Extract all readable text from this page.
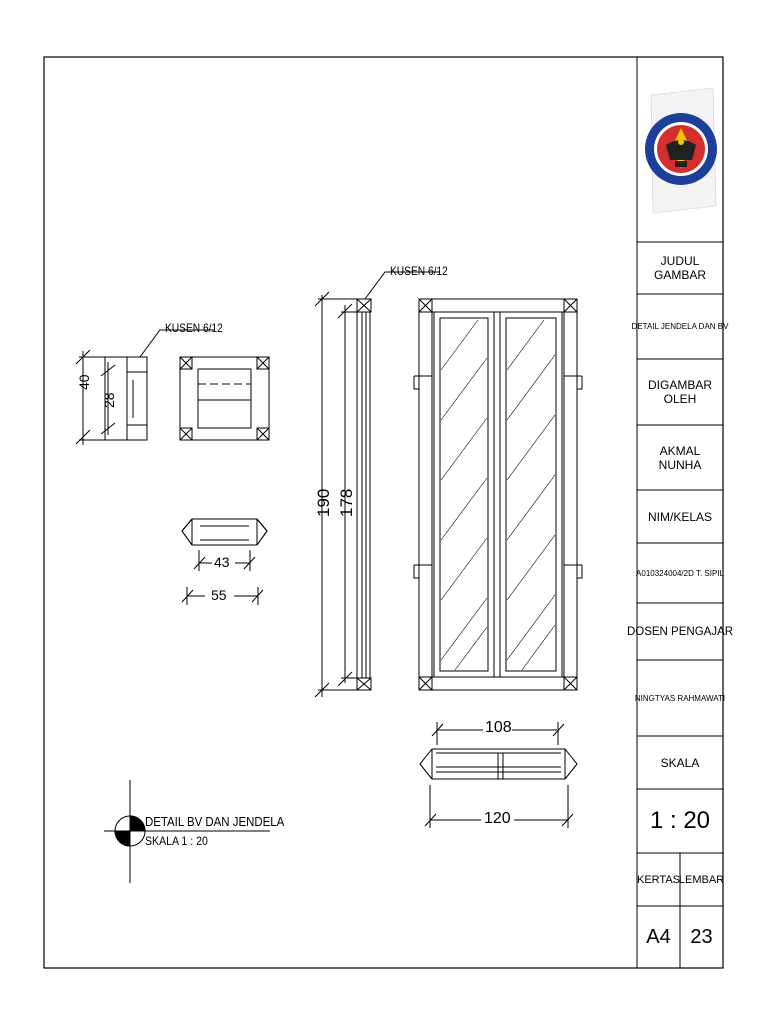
KUSEN 6/12
KUSEN 6/12
40
28
43
55
190 178
108
120
DETAIL BV DAN JENDELA
SKALA 1 : 20
JUDUL GAMBAR
DETAIL JENDELA DAN BV
DIGAMBAR OLEH
AKMAL NUNHA
NIM/KELAS
A010324004/2D T. SIPIL
DOSEN PENGAJAR
NINGTYAS RAHMAWATI
SKALA
1 : 20
KERTAS
LEMBAR
A4 23
